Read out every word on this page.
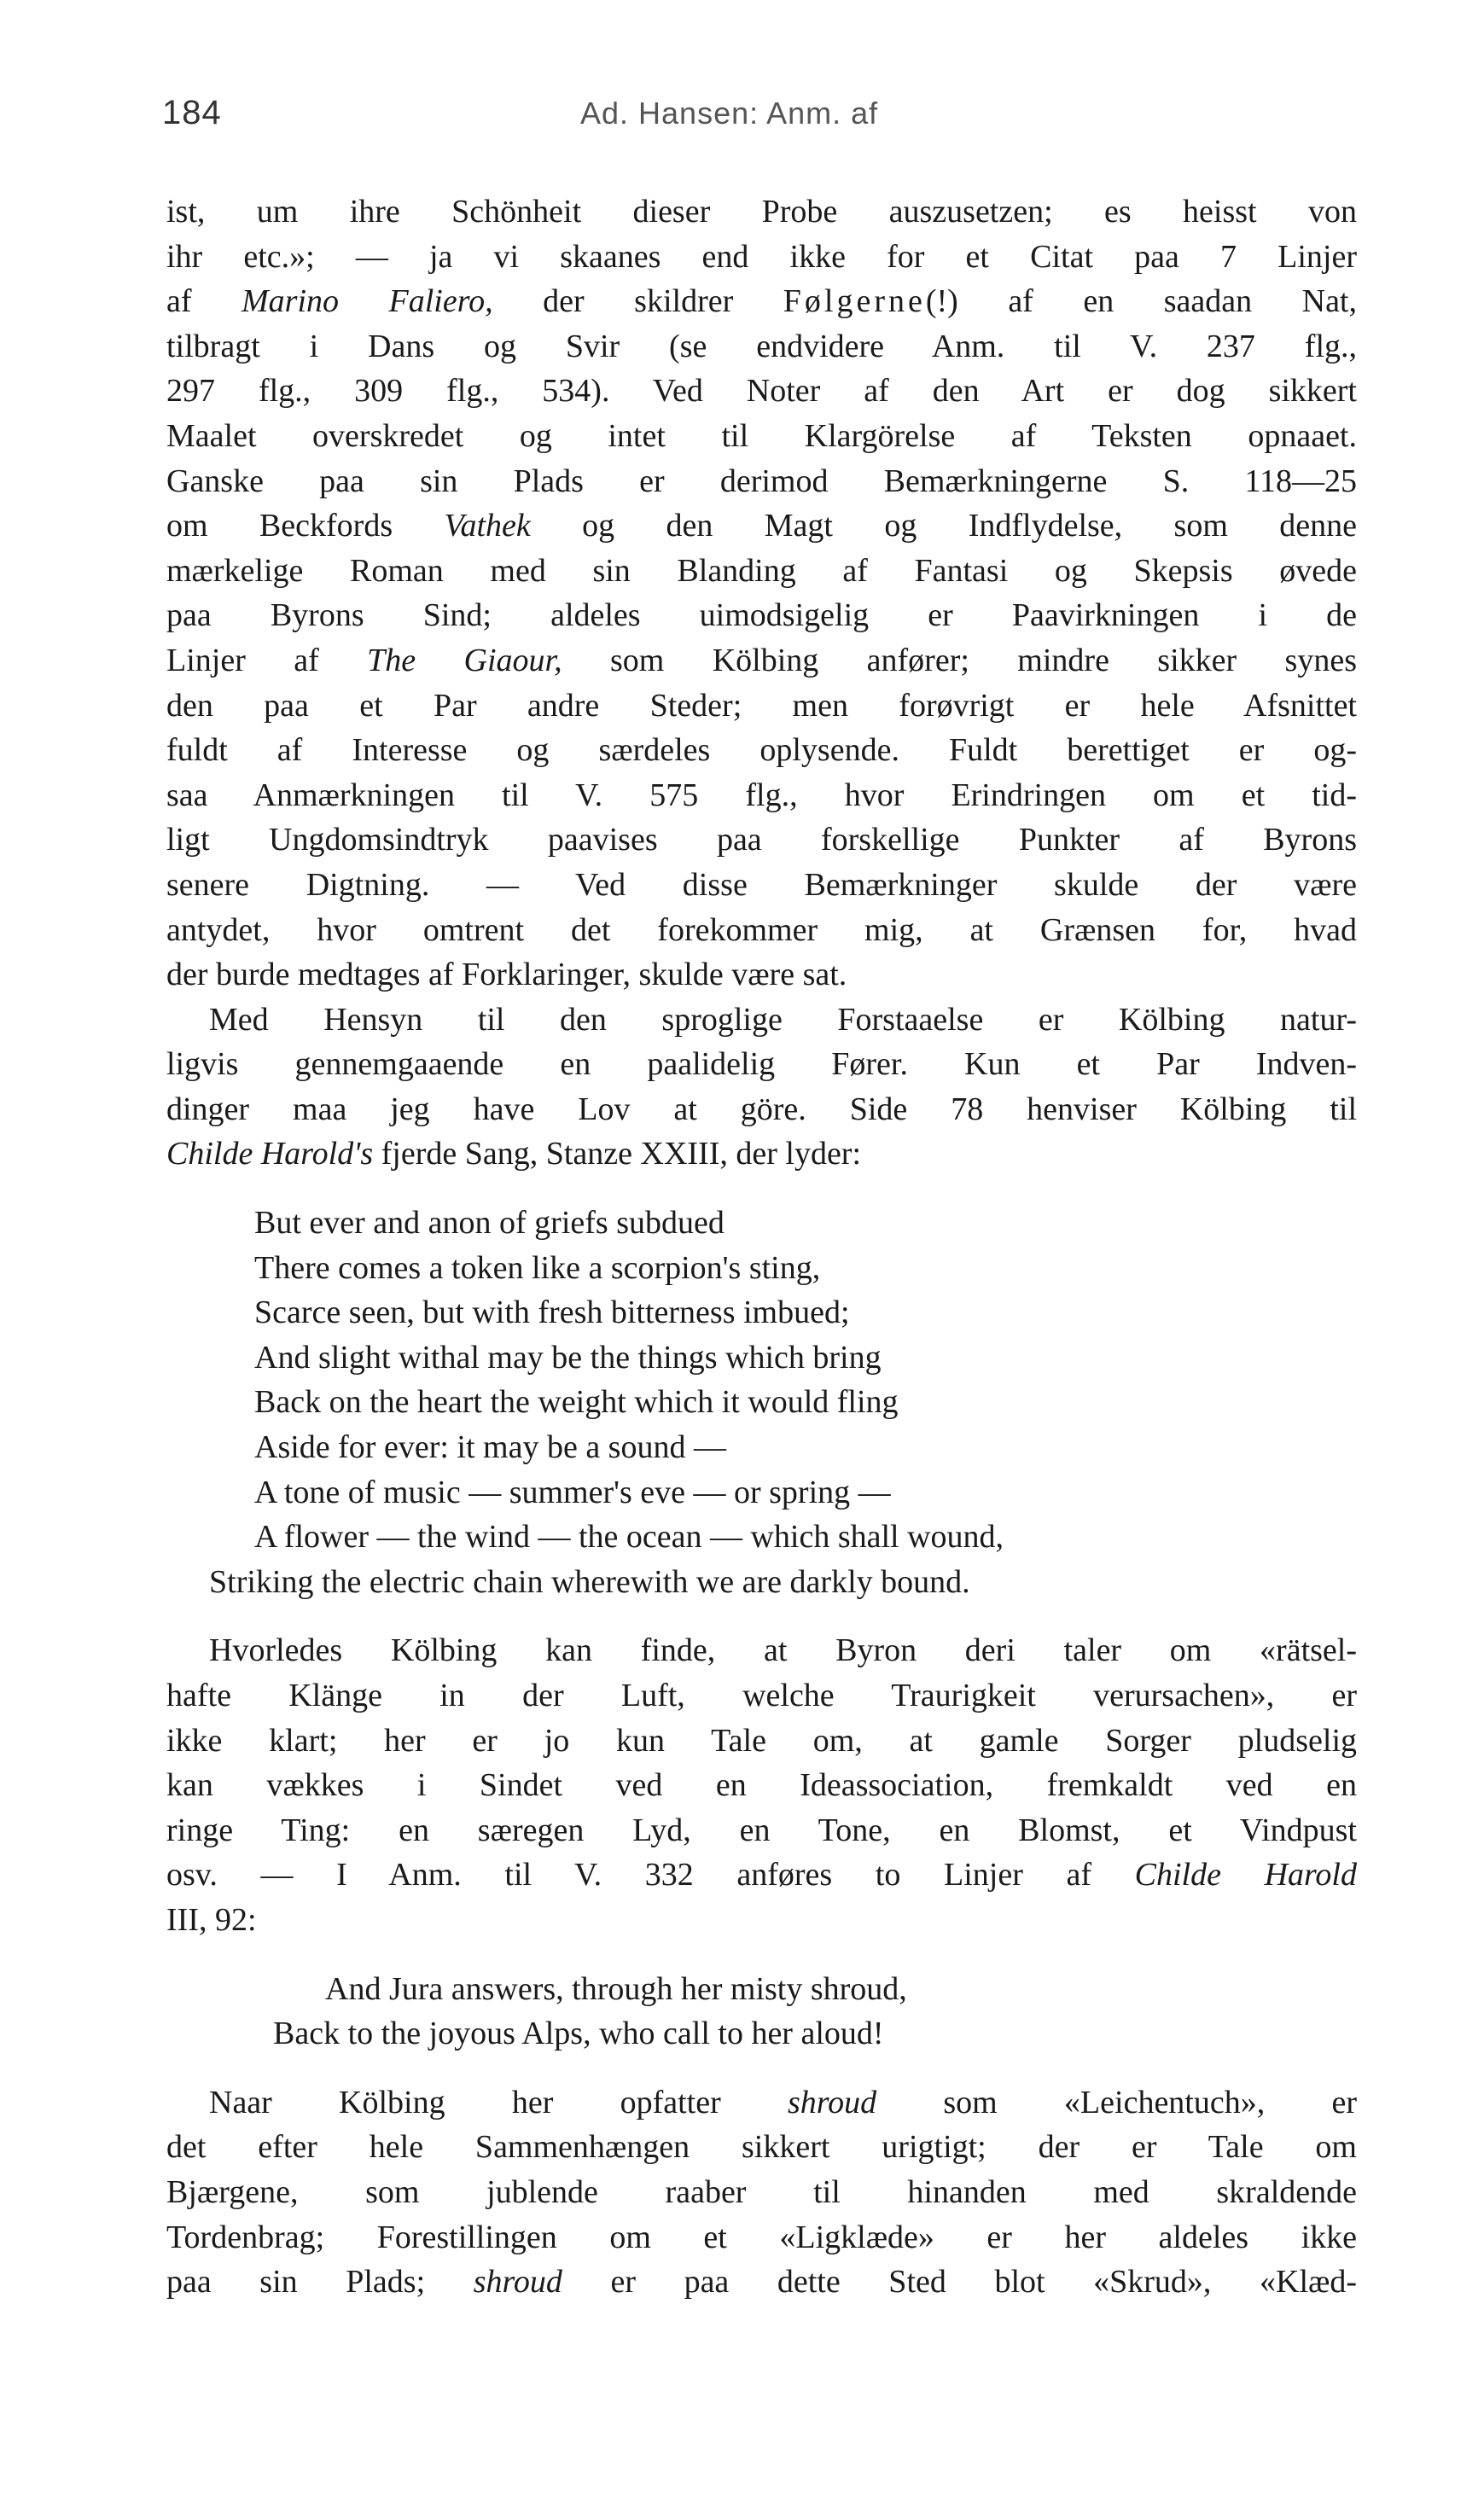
184	Ad. Hansen: Anm. af
ist, um ihre Schönheit dieser Probe auszusetzen; es heisst von
ihr etc.»; — ja vi skaanes end ikke for et Citat paa 7 Linjer
af Marino Faliero, der skildrer Følgerne(!) af en saadan Nat,
tilbragt i Dans og Svir (se endvidere Anm. til V. 237 flg.,
297 flg., 309 flg., 534). Ved Noter af den Art er dog sikkert
Maalet overskredet og intet til Klargörelse af Teksten opnaaet.
Ganske paa sin Plads er derimod Bemærkningerne S. 118—25
om Beckfords Vathek og den Magt og Indflydelse, som denne
mærkelige Roman med sin Blanding af Fantasi og Skepsis øvede
paa Byrons Sind; aldeles uimodsigelig er Paavirkningen i de
Linjer af The Giaour, som Kölbing anfører; mindre sikker synes
den paa et Par andre Steder; men forøvrigt er hele Afsnittet
fuldt af Interesse og særdeles oplysende. Fuldt berettiget er og-
saa Anmærkningen til V. 575 flg., hvor Erindringen om et tid-
ligt Ungdomsindtryk paavises paa forskellige Punkter af Byrons
senere Digtning. — Ved disse Bemærkninger skulde der være
antydet, hvor omtrent det forekommer mig, at Grænsen for, hvad
der burde medtages af Forklaringer, skulde være sat.
Med Hensyn til den sproglige Forstaaelse er Kölbing natur-
ligvis gennemgaaende en paalidelig Fører. Kun et Par Indven-
dinger maa jeg have Lov at göre. Side 78 henviser Kölbing til
Childe Harold's fjerde Sang, Stanze XXIII, der lyder:
But ever and anon of griefs subdued
There comes a token like a scorpion's sting,
Scarce seen, but with fresh bitterness imbued;
And slight withal may be the things which bring
Back on the heart the weight which it would fling
Aside for ever: it may be a sound —
A tone of music — summer's eve — or spring —
A flower — the wind — the ocean — which shall wound,
Striking the electric chain wherewith we are darkly bound.
Hvorledes Kölbing kan finde, at Byron deri taler om «rätsel-
hafte Klänge in der Luft, welche Traurigkeit verursachen», er
ikke klart; her er jo kun Tale om, at gamle Sorger pludselig
kan vækkes i Sindet ved en Ideassociation, fremkaldt ved en
ringe Ting: en særegen Lyd, en Tone, en Blomst, et Vindpust
osv. — I Anm. til V. 332 anføres to Linjer af Childe Harold
III, 92:
And Jura answers, through her misty shroud,
Back to the joyous Alps, who call to her aloud!
Naar Kölbing her opfatter shroud som «Leichentuch», er
det efter hele Sammenhængen sikkert urigtigt; der er Tale om
Bjærgene, som jublende raaber til hinanden med skraldende
Tordenbrag; Forestillingen om et «Ligklæde» er her aldeles ikke
paa sin Plads; shroud er paa dette Sted blot «Skrud», «Klæd-
